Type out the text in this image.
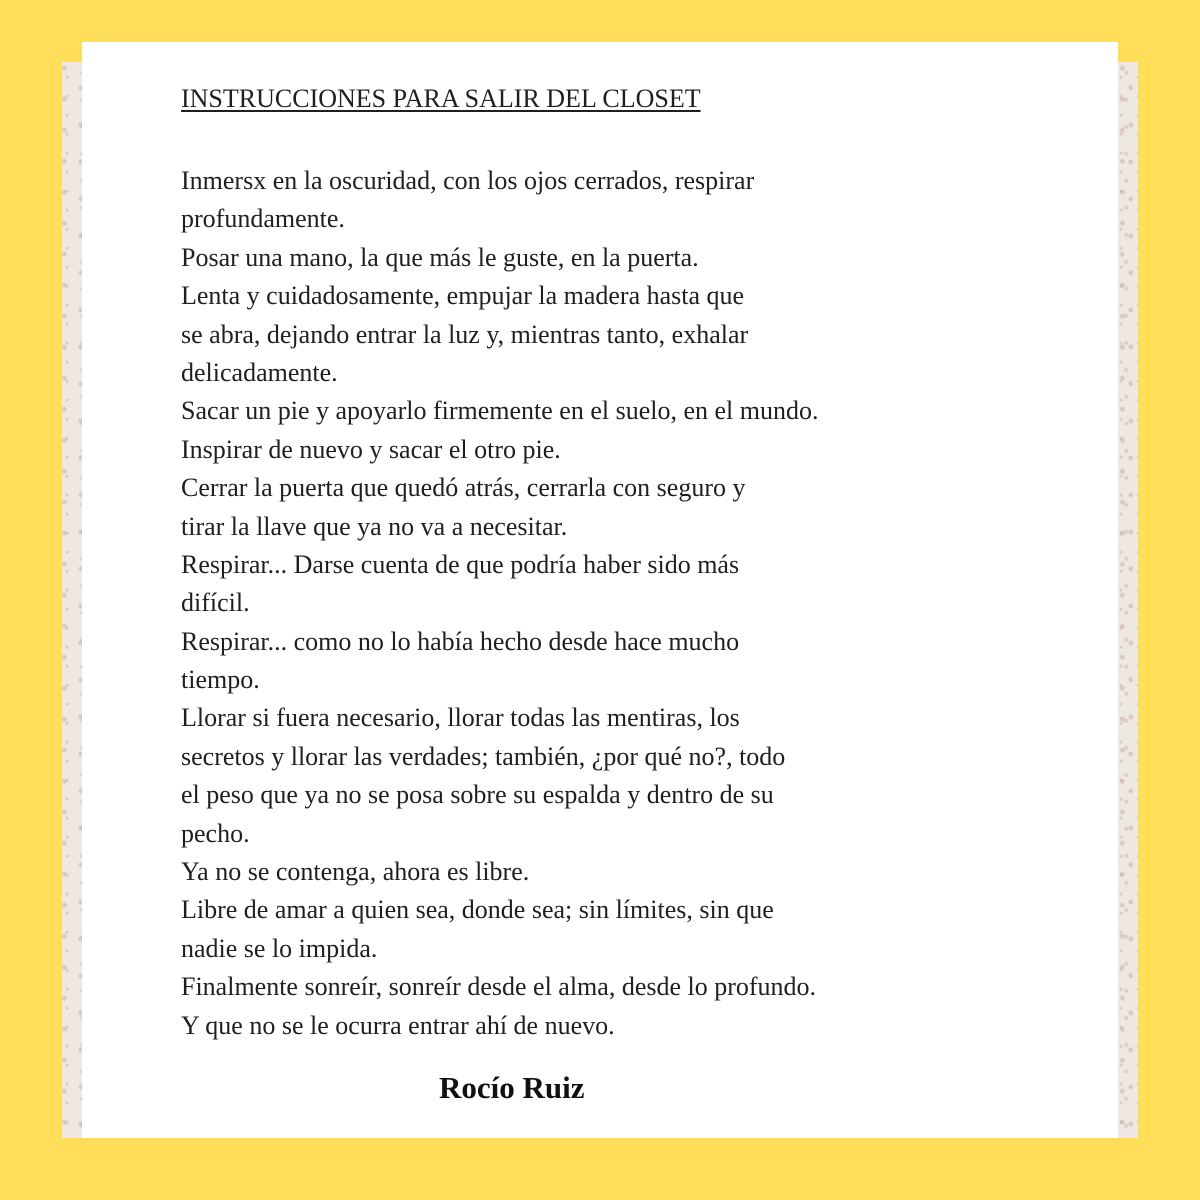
INSTRUCCIONES PARA SALIR DEL CLOSET
Inmersx en la oscuridad, con los ojos cerrados, respirar
profundamente.
Posar una mano, la que más le guste, en la puerta.
Lenta y cuidadosamente, empujar la madera hasta que
se abra, dejando entrar la luz y, mientras tanto, exhalar
delicadamente.
Sacar un pie y apoyarlo firmemente en el suelo, en el mundo.
Inspirar de nuevo y sacar el otro pie.
Cerrar la puerta que quedó atrás, cerrarla con seguro y
tirar la llave que ya no va a necesitar.
Respirar... Darse cuenta de que podría haber sido más
difícil.
Respirar... como no lo había hecho desde hace mucho
tiempo.
Llorar si fuera necesario, llorar todas las mentiras, los
secretos y llorar las verdades; también, ¿por qué no?, todo
el peso que ya no se posa sobre su espalda y dentro de su
pecho.
Ya no se contenga, ahora es libre.
Libre de amar a quien sea, donde sea; sin límites, sin que
nadie se lo impida.
Finalmente sonreír, sonreír desde el alma, desde lo profundo.
Y que no se le ocurra entrar ahí de nuevo.
Rocío Ruiz
